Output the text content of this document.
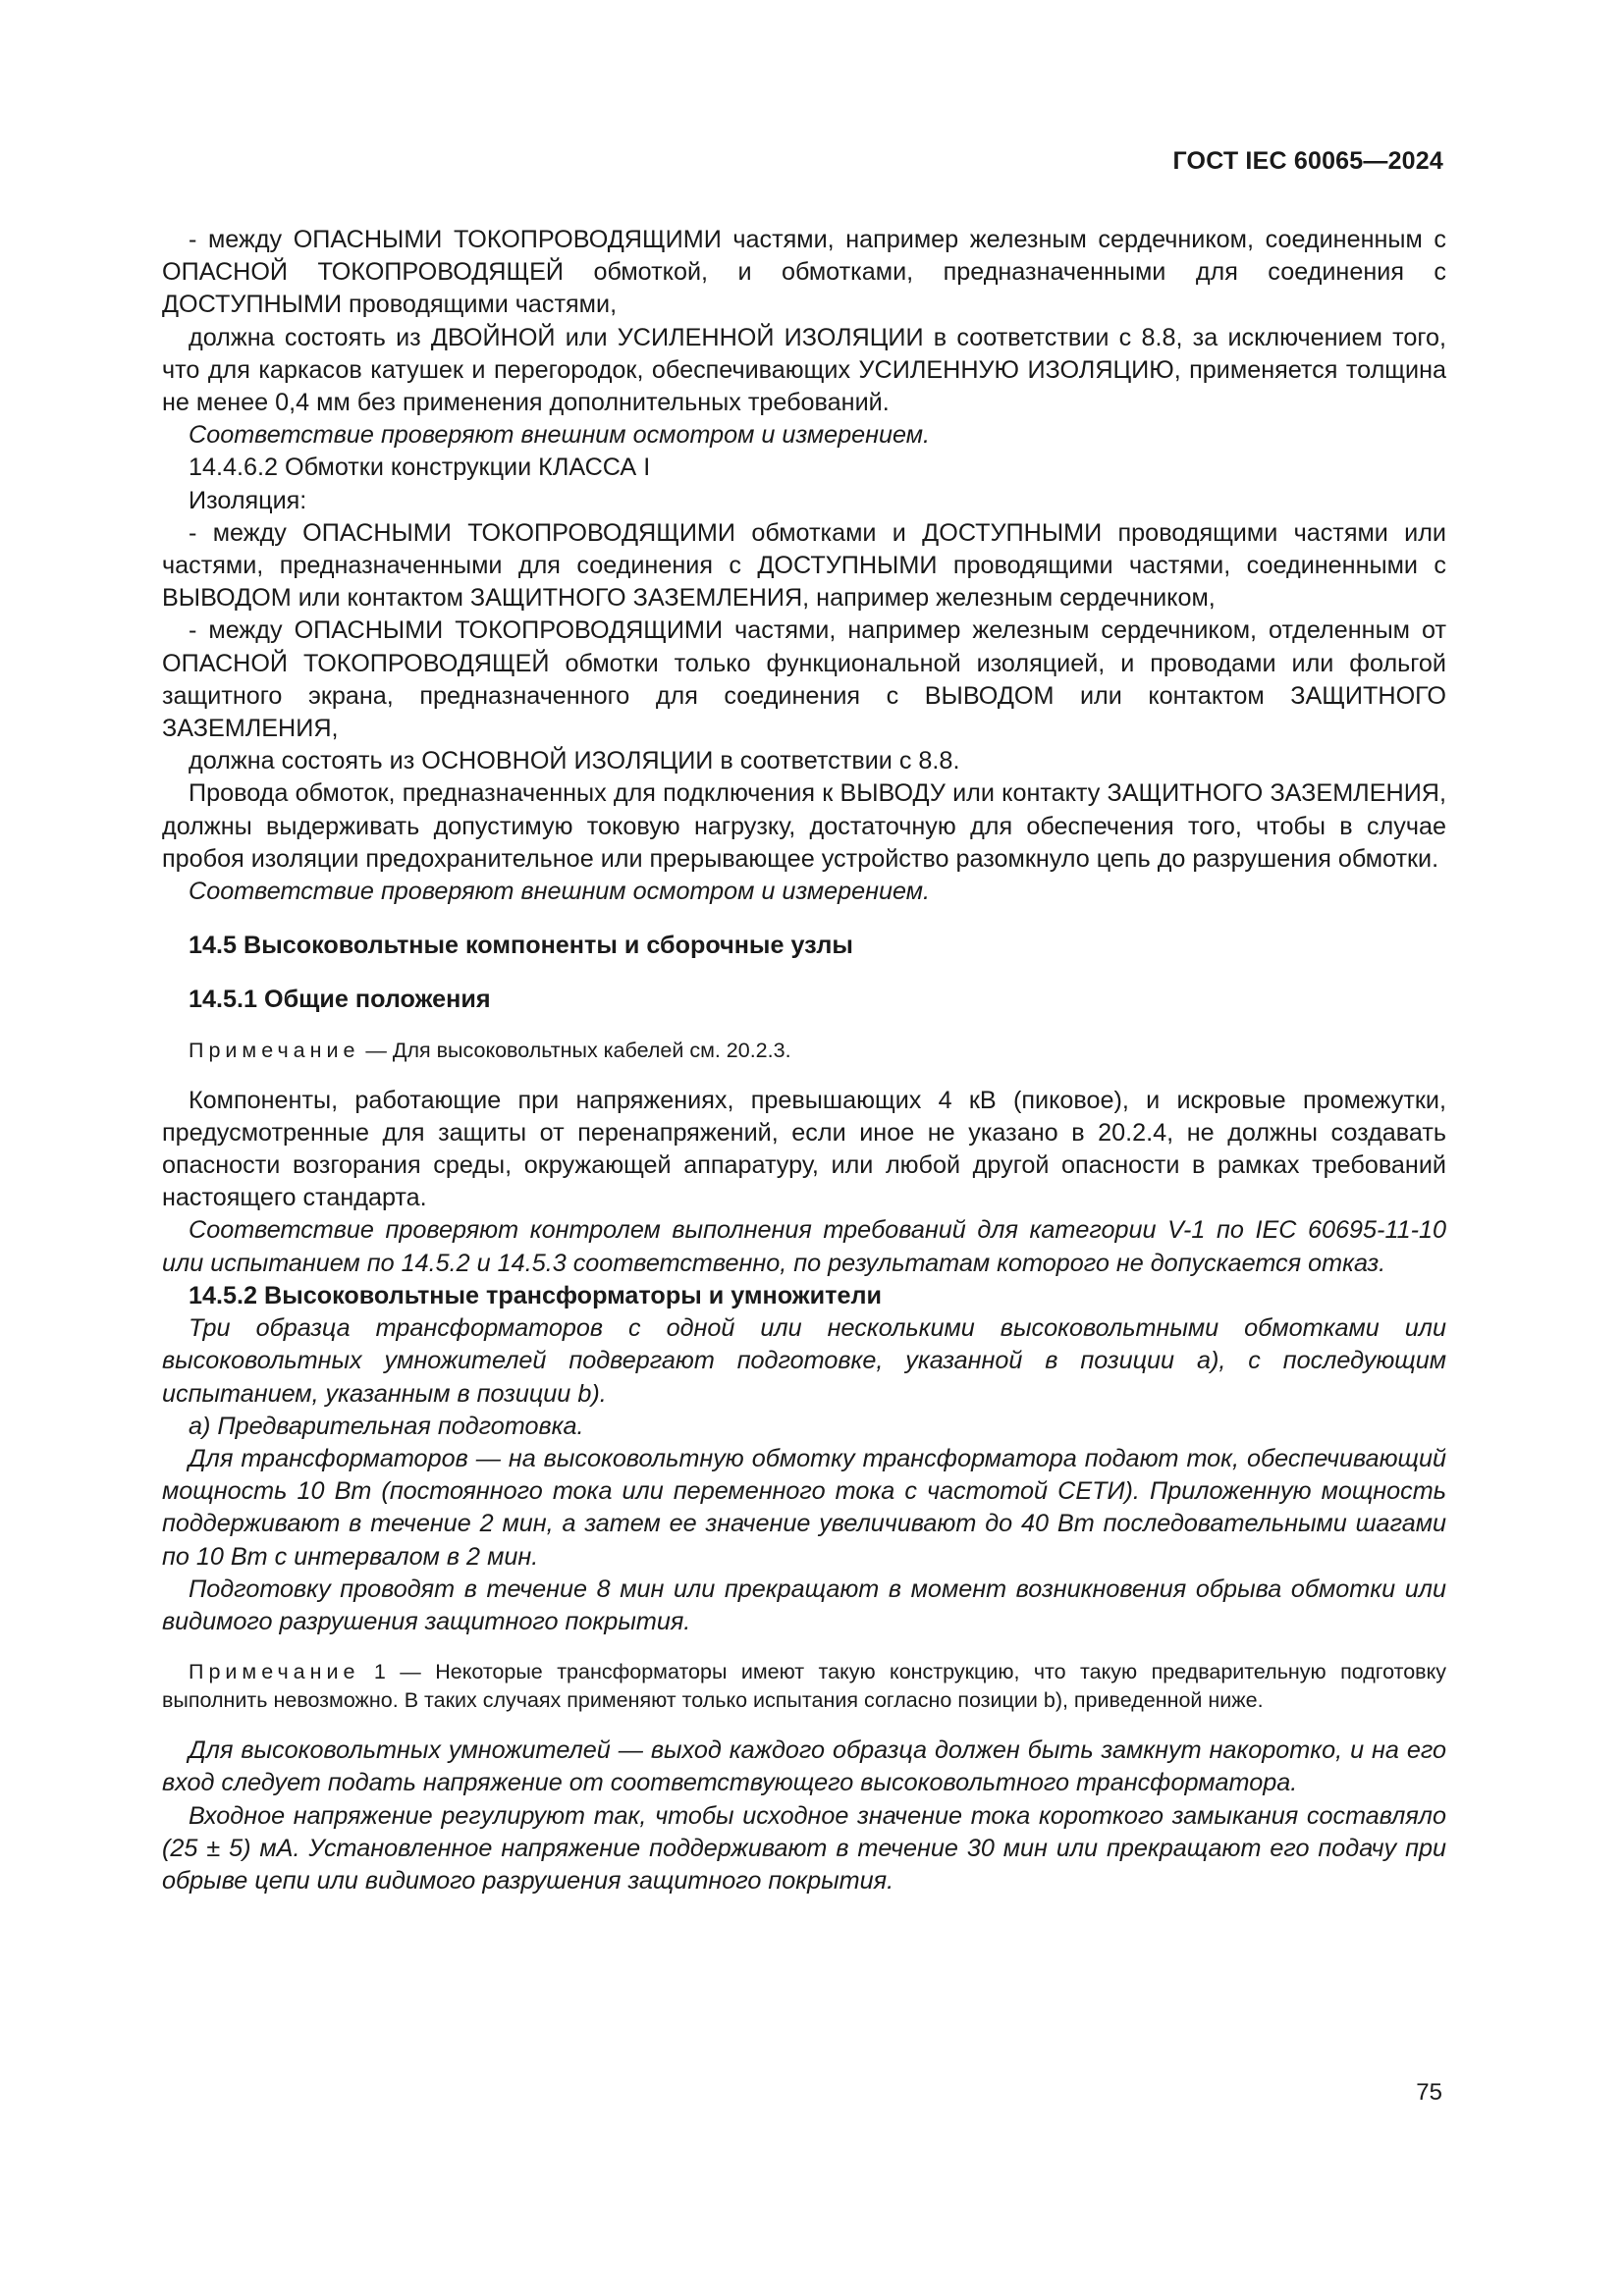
ГОСТ IEC 60065—2024

- между ОПАСНЫМИ ТОКОПРОВОДЯЩИМИ частями, например железным сердечником, соединенным с ОПАСНОЙ ТОКОПРОВОДЯЩЕЙ обмоткой, и обмотками, предназначенными для соединения с ДОСТУПНЫМИ проводящими частями,

должна состоять из ДВОЙНОЙ или УСИЛЕННОЙ ИЗОЛЯЦИИ в соответствии с 8.8, за исключением того, что для каркасов катушек и перегородок, обеспечивающих УСИЛЕННУЮ ИЗОЛЯЦИЮ, применяется толщина не менее 0,4 мм без применения дополнительных требований.

Соответствие проверяют внешним осмотром и измерением.

14.4.6.2 Обмотки конструкции КЛАССА I

Изоляция:

- между ОПАСНЫМИ ТОКОПРОВОДЯЩИМИ обмотками и ДОСТУПНЫМИ проводящими частями или частями, предназначенными для соединения с ДОСТУПНЫМИ проводящими частями, соединенными с ВЫВОДОМ или контактом ЗАЩИТНОГО ЗАЗЕМЛЕНИЯ, например железным сердечником,

- между ОПАСНЫМИ ТОКОПРОВОДЯЩИМИ частями, например железным сердечником, отделенным от ОПАСНОЙ ТОКОПРОВОДЯЩЕЙ обмотки только функциональной изоляцией, и проводами или фольгой защитного экрана, предназначенного для соединения с ВЫВОДОМ или контактом ЗАЩИТНОГО ЗАЗЕМЛЕНИЯ,

должна состоять из ОСНОВНОЙ ИЗОЛЯЦИИ в соответствии с 8.8.

Провода обмоток, предназначенных для подключения к ВЫВОДУ или контакту ЗАЩИТНОГО ЗАЗЕМЛЕНИЯ, должны выдерживать допустимую токовую нагрузку, достаточную для обеспечения того, чтобы в случае пробоя изоляции предохранительное или прерывающее устройство разомкнуло цепь до разрушения обмотки.

Соответствие проверяют внешним осмотром и измерением.

14.5 Высоковольтные компоненты и сборочные узлы
14.5.1 Общие положения

Примечание — Для высоковольтных кабелей см. 20.2.3.

Компоненты, работающие при напряжениях, превышающих 4 кВ (пиковое), и искровые промежутки, предусмотренные для защиты от перенапряжений, если иное не указано в 20.2.4, не должны создавать опасности возгорания среды, окружающей аппаратуру, или любой другой опасности в рамках требований настоящего стандарта.

Соответствие проверяют контролем выполнения требований для категории V-1 по IEC 60695-11-10 или испытанием по 14.5.2 и 14.5.3 соответственно, по результатам которого не допускается отказ.

14.5.2 Высоковольтные трансформаторы и умножители

Три образца трансформаторов с одной или несколькими высоковольтными обмотками или высоковольтных умножителей подвергают подготовке, указанной в позиции а), с последующим испытанием, указанным в позиции b).

а) Предварительная подготовка.

Для трансформаторов — на высоковольтную обмотку трансформатора подают ток, обеспечивающий мощность 10 Вт (постоянного тока или переменного тока с частотой СЕТИ). Приложенную мощность поддерживают в течение 2 мин, а затем ее значение увеличивают до 40 Вт последовательными шагами по 10 Вт с интервалом в 2 мин.

Подготовку проводят в течение 8 мин или прекращают в момент возникновения обрыва обмотки или видимого разрушения защитного покрытия.

Примечание 1 — Некоторые трансформаторы имеют такую конструкцию, что такую предварительную подготовку выполнить невозможно. В таких случаях применяют только испытания согласно позиции b), приведенной ниже.

Для высоковольтных умножителей — выход каждого образца должен быть замкнут накоротко, и на его вход следует подать напряжение от соответствующего высоковольтного трансформатора.

Входное напряжение регулируют так, чтобы исходное значение тока короткого замыкания составляло (25 ± 5) мА. Установленное напряжение поддерживают в течение 30 мин или прекращают его подачу при обрыве цепи или видимого разрушения защитного покрытия.

75
